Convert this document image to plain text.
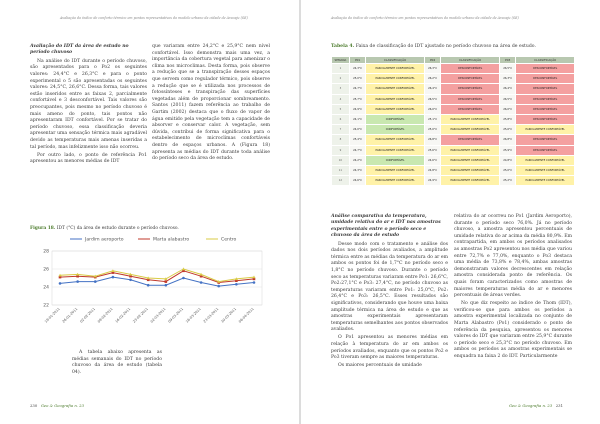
Avaliação do índice de conforto térmico em pontos representativos do modelo urbano da cidade de Aracaju (SE)
Avaliação do IDT da área de estudo no período chuvoso

Na análise do IDT durante o período chuvoso, são apresentados para o Po2 os seguintes valores: 24,4°C e 26,3°C e para o ponto experimental o 5 são apresentadas os seguintes valores: 24,5°C, 26,6°C. Dessa forma, tais valores estão inseridos entre as faixas 2, parcialmente confortável e 3 desconfortável. Tais valores são preocupantes, pois mesmo no período chuvoso é mais ameno do ponto, tais pontos não apresentaram IDT confortável. Por se tratar do período chuvoso, essa classificação deveria apresentar uma sensação térmica mais agradável devido as temperaturas mais amenas inseridas a tal período, mas infelizmente isso não ocorreu.

Por outro lado, o ponto de referência Po1 apresentou as menores médias de IDT

que variaram entre 24,2°C e 25,9°C nem nível confortável. Isso demonstra mais uma vez, a importância da cobertura vegetal para amenizar o clima nos microclimas. Desta forma, pois observe a redução que se a transpiração desses espaços que servem como regulador térmico, pois observe a redução que se é utilizada nos processos de fotossínteses e transpiração das superfícies vegetadas além de proporcionar sombreamento. Santos (2011) fazem referência ao trabalho de Gartim (2002) destaca que o fluxo de vapor de água emitido pela vegetação tem a capacidade de absorver e conservar calor. A vegetação, sem dúvida, contribui de forma significativa para o estabelecimento de microclimas confortáveis dentro de espaços urbanos. A (Figura 18) apresenta as médias do IDT durante toda análise do período seco da área de estudo.

Figura 18. IDT (°C) da área de estudo durante o período chuvoso.
22
24
26
28
19-01-2011 26-01-2011 02-02-2011 09-02-2011 16-02-2011 23-02-2011 02-03-2011 09-03-2011 16-03-2011 23-03-2011 30-03-2011 06-04-2011
Jardim aeroporto	Marta alabastro	Centro

A tabela abaixo apresenta as médias semanais do IDT no período chuvoso da área de estudo (tabela 04).

230 Geo & Geografia n. 23
Avaliação do índice de conforto térmico em pontos representativos do modelo urbano da cidade de Aracaju (SE)
Tabela 4. Faixa de classificação do IDT ajustado no período chuvoso na área de estudo.
SEMANA	P01	CLASSIFICAÇÃO	P02	CLASSIFICAÇÃO	P03	CLASSIFICAÇÃO
1	24,3°C	PARCIALMENTE CONFORTÁVEL	26,3°C	DESCONFORTÁVEL	26,5°C	DESCONFORTÁVEL
2	25,0°C	PARCIALMENTE CONFORTÁVEL	26,2°C	DESCONFORTÁVEL	26,3°C	DESCONFORTÁVEL
3	24,7°C	PARCIALMENTE CONFORTÁVEL	26,4°C	DESCONFORTÁVEL	26,4°C	DESCONFORTÁVEL
4	25,7°C	PARCIALMENTE CONFORTÁVEL	26,5°C	DESCONFORTÁVEL	26,5°C	DESCONFORTÁVEL
5	24,9°C	PARCIALMENTE CONFORTÁVEL	26,0°C	DESCONFORTÁVEL	26,0°C	DESCONFORTÁVEL
6	24,1°C	CONFORTÁVEL	25,1°C	PARCIALMENTE CONFORTÁVEL	25,8°C	DESCONFORTÁVEL
7	24,0°C	CONFORTÁVEL	25,0°C	PARCIALMENTE CONFORTÁVEL	25,6°C	PARCIALMENTE CONFORTÁVEL
8	25,4°C	PARCIALMENTE CONFORTÁVEL	26,8°C	DESCONFORTÁVEL	26,8°C	DESCONFORTÁVEL
9	24,7°C	PARCIALMENTE CONFORTÁVEL	25,6°C	PARCIALMENTE CONFORTÁVEL	25,9°C	DESCONFORTÁVEL
10	24,2°C	CONFORTÁVEL	24,6°C	PARCIALMENTE CONFORTÁVEL	24,8°C	PARCIALMENTE CONFORTÁVEL
11	24,3°C	PARCIALMENTE CONFORTÁVEL	24,8°C	PARCIALMENTE CONFORTÁVEL	25,0°C	PARCIALMENTE CONFORTÁVEL
12	24,6°C	PARCIALMENTE CONFORTÁVEL	24,9°C	PARCIALMENTE CONFORTÁVEL	25,2°C	PARCIALMENTE CONFORTÁVEL
Análise comparativa da temperatura, umidade relativa do ar e IDT nas amostras experimentais entre o período seco e chuvoso da área de estudo

Desse modo com o tratamento e análise dos dados nos dois períodos avaliados, a amplitude térmica entre as médias da temperatura do ar em ambos os pontos foi de 1,7°C no período seco e 1,8°C no período chuvoso. Durante o período seco as temperaturas variaram entre Po1: 26,6°C, Po2:27,1°C e Po3: 27,4°C, no período chuvoso as temperaturas variaram entre Po1: 25,0°C, Po2: 26,4°C e Po3: 26,5°C. Esses resultados são significativos, considerando que houve uma baixa amplitude térmica na área de estudo e que as amostras experimentais apresentaram temperaturas semelhantes aos pontos observados avaliados.

O Po1 apresentou as menores médias em relação à temperatura do ar em ambos os períodos avaliados, enquanto que os pontos Po2 e Po3 tiveram sempre as maiores temperaturas.

Os maiores percentuais de umidade

relativa do ar ocorreu no Po1 (Jardim Aeroporto), durante o período seco 76,0%. Já no período chuvoso, a amostra apresentou percentuais de umidade relativa do ar acima da média 80,9%. Em contrapartida, em ambos os períodos analisados as amostras Po2 apresentou nos média que variou entre 72,7% e 77,0%, enquanto o Po3 destaca uma média de 73,8% e 78,4%, ambas amostras demonstraram valores decrescentes em relação amostra considerada ponto de referência. Os quais foram caracterizados como amostras de maiores temperaturas média do ar e menores percentuais de áreas verdes.

No que diz respeito ao índice de Thom (IDT), verificou-se que para ambos os períodos a amostra experimental localizada no conjunto de Marta Alabastro (Po1) considerado o ponto de referência da pesquisa, apresentou os menores valores do IDT que variaram entre 25,9°C durante o período seco e 25,3°C no período chuvoso. Em ambos os períodos as amostras experimentais se enquadra na faixa 2 do IDT. Particularmente

Geo & Geografia n. 23 231
